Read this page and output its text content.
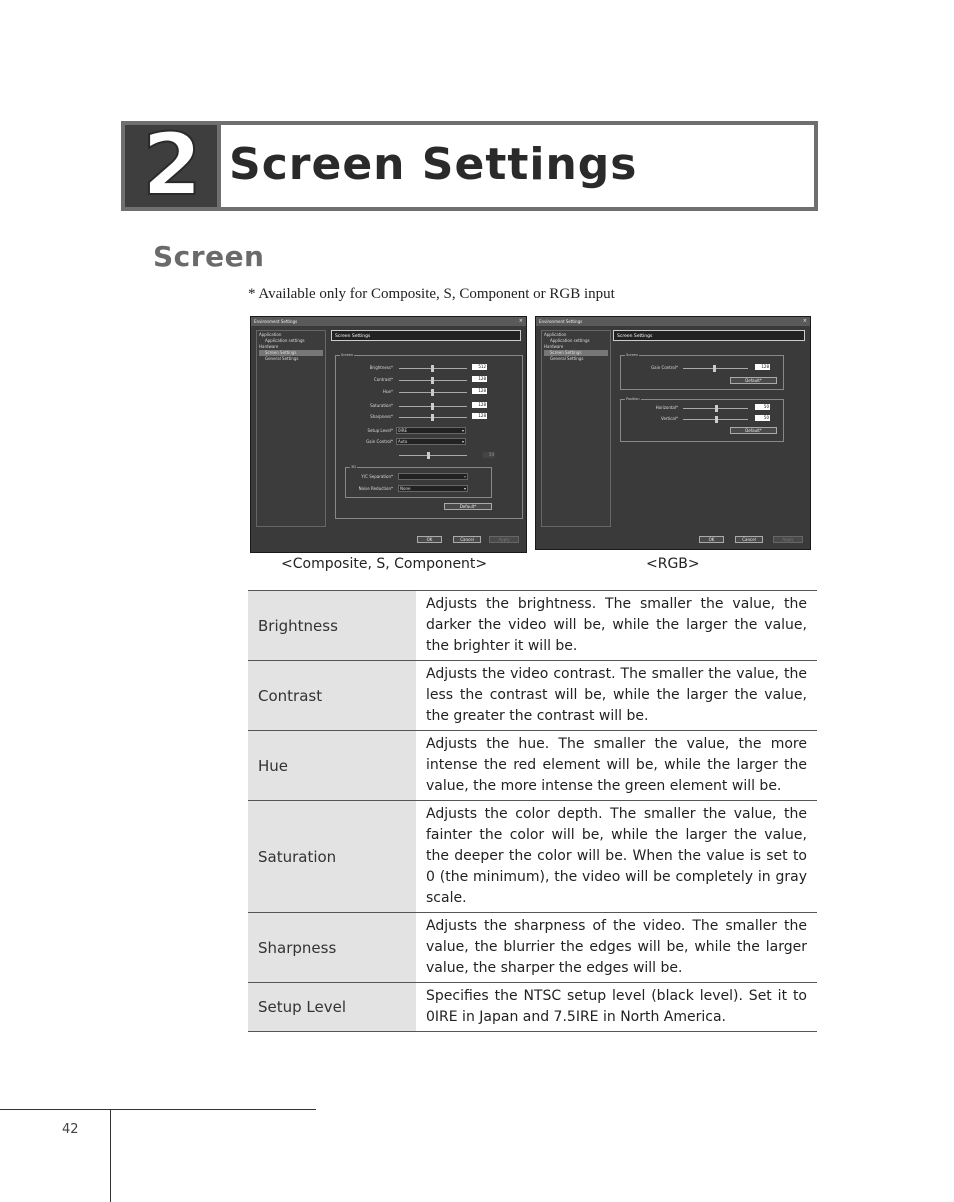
2 Screen Settings
Screen
* Available only for Composite, S, Component or RGB input
Environment Settings	×
Application
Application settings
Hardware
Screen Settings
General Settings
Screen Settings
Screen
Brightness*	512
Contrast*	128
Hue*	128
Saturation*	128
Sharpness*	128
Setup Level*	0IRE ▾
Gain Control*	Auto ▾
50
3D
Y/C Separation*
▾
Noise Reduction*	None ▾
Default*
OK	Cancel	Apply
Environment Settings	×
Application
Application settings
Hardware
Screen Settings
General Settings
Screen Settings
Screen
Gain Control*	128
Default*
Position
Horizontal*	50
Vertical*	50
Default*
OK	Cancel	Apply
<Composite, S, Component>	<RGB>
Brightness	Adjusts the brightness. The smaller the value, the darker the video will be, while the larger the value, the brighter it will be.
Contrast	Adjusts the video contrast. The smaller the value, the less the contrast will be, while the larger the value, the greater the contrast will be.
Hue	Adjusts the hue. The smaller the value, the more intense the red element will be, while the larger the value, the more intense the green element will be.
Saturation	Adjusts the color depth. The smaller the value, the fainter the color will be, while the larger the value, the deeper the color will be. When the value is set to 0 (the minimum), the video will be completely in gray scale.
Sharpness	Adjusts the sharpness of the video. The smaller the value, the blurrier the edges will be, while the larger value, the sharper the edges will be.
Setup Level	Specifies the NTSC setup level (black level). Set it to 0IRE in Japan and 7.5IRE in North America.
42
